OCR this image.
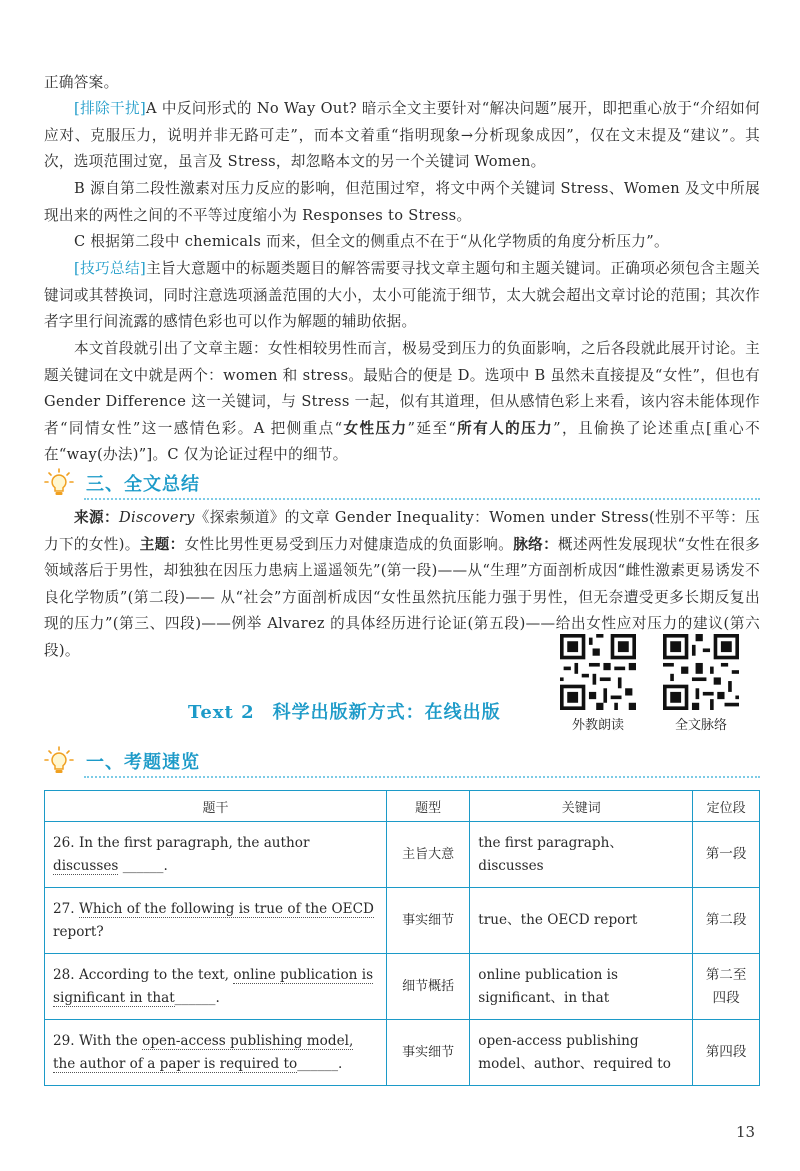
正确答案。

[排除干扰]A 中反问形式的 No Way Out? 暗示全文主要针对“解决问题”展开，即把重心放于“介绍如何应对、克服压力，说明并非无路可走”，而本文着重“指明现象→分析现象成因”，仅在文末提及“建议”。其次，选项范围过宽，虽言及 Stress，却忽略本文的另一个关键词 Women。

B 源自第二段性激素对压力反应的影响，但范围过窄，将文中两个关键词 Stress、Women 及文中所展现出来的两性之间的不平等过度缩小为 Responses to Stress。

C 根据第二段中 chemicals 而来，但全文的侧重点不在于“从化学物质的角度分析压力”。

[技巧总结]主旨大意题中的标题类题目的解答需要寻找文章主题句和主题关键词。正确项必须包含主题关键词或其替换词，同时注意选项涵盖范围的大小，太小可能流于细节，太大就会超出文章讨论的范围；其次作者字里行间流露的感情色彩也可以作为解题的辅助依据。

本文首段就引出了文章主题：女性相较男性而言，极易受到压力的负面影响，之后各段就此展开讨论。主题关键词在文中就是两个：women 和 stress。最贴合的便是 D。选项中 B 虽然未直接提及“女性”，但也有 Gender Difference 这一关键词，与 Stress 一起，似有其道理，但从感情色彩上来看，该内容未能体现作者“同情女性”这一感情色彩。A 把侧重点“女性压力”延至“所有人的压力”，且偷换了论述重点[重心不在“way(办法)”]。C 仅为论证过程中的细节。

三、全文总结

来源：Discovery《探索频道》的文章 Gender Inequality：Women under Stress(性别不平等：压力下的女性)。主题：女性比男性更易受到压力对健康造成的负面影响。脉络：概述两性发展现状“女性在很多领域落后于男性，却独独在因压力患病上遥遥领先”(第一段)——从“生理”方面剖析成因“雌性激素更易诱发不良化学物质”(第二段)—— 从“社会”方面剖析成因“女性虽然抗压能力强于男性，但无奈遭受更多长期反复出现的压力”(第三、四段)——例举 Alvarez 的具体经历进行论证(第五段)——给出女性应对压力的建议(第六段)。

Text 2 科学出版新方式：在线出版
外教朗读	全文脉络
一、考题速览
题干	题型	关键词	定位段
26. In the first paragraph, the author discusses ______.	主旨大意	the first paragraph、discusses	第一段
27. Which of the following is true of the OECD report?	事实细节	true、the OECD report	第二段
28. According to the text, online publication is significant in that______.	细节概括	online publication is significant、in that	第二至四段
29. With the open-access publishing model, the author of a paper is required to______.	事实细节	open-access publishing model、author、required to	第四段
13
